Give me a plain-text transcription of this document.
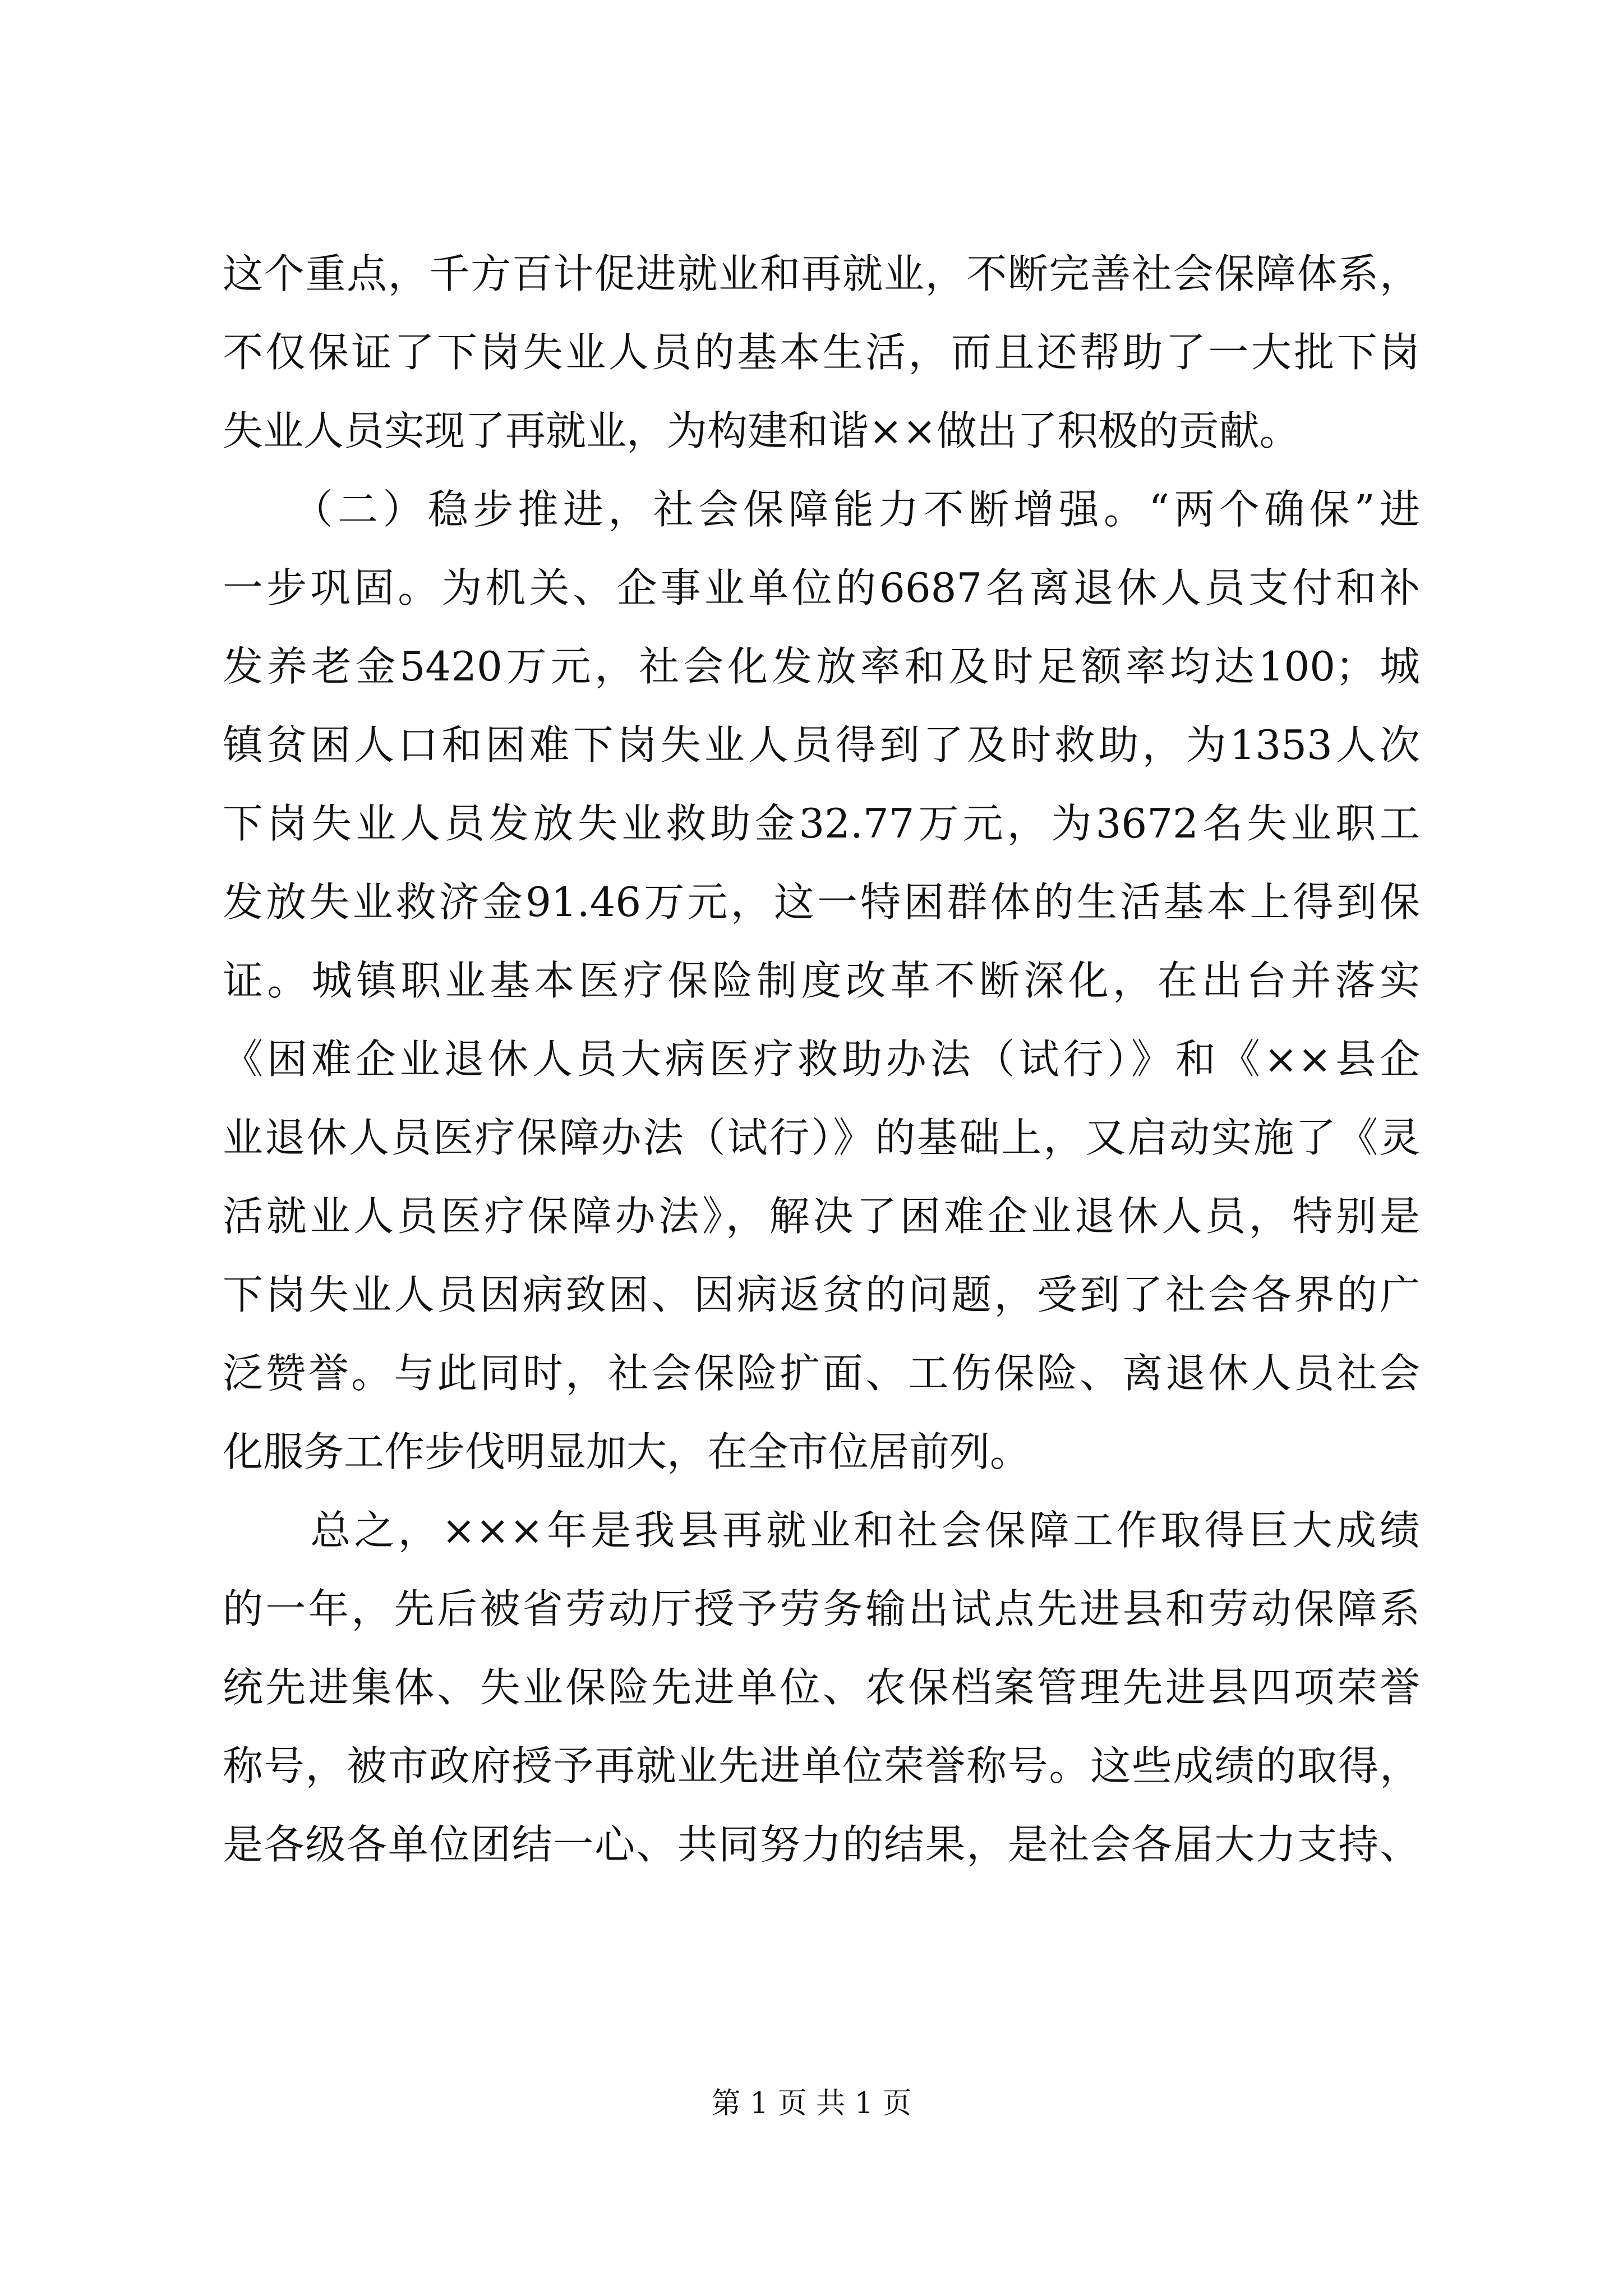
这个重点，千方百计促进就业和再就业，不断完善社会保障体系，
不仅保证了下岗失业人员的基本生活，而且还帮助了一大批下岗
失业人员实现了再就业，为构建和谐××做出了积极的贡献。
　　（二）稳步推进，社会保障能力不断增强。“两个确保”进
一步巩固。为机关、企事业单位的6687名离退休人员支付和补
发养老金5420万元，社会化发放率和及时足额率均达100；城
镇贫困人口和困难下岗失业人员得到了及时救助，为1353人次
下岗失业人员发放失业救助金32.77万元，为3672名失业职工
发放失业救济金91.46万元，这一特困群体的生活基本上得到保
证。城镇职业基本医疗保险制度改革不断深化，在出台并落实
《困难企业退休人员大病医疗救助办法（试行）》和《××县企
业退休人员医疗保障办法（试行）》的基础上，又启动实施了《灵
活就业人员医疗保障办法》，解决了困难企业退休人员，特别是
下岗失业人员因病致困、因病返贫的问题，受到了社会各界的广
泛赞誉。与此同时，社会保险扩面、工伤保险、离退休人员社会
化服务工作步伐明显加大，在全市位居前列。
　　总之，×××年是我县再就业和社会保障工作取得巨大成绩
的一年，先后被省劳动厅授予劳务输出试点先进县和劳动保障系
统先进集体、失业保险先进单位、农保档案管理先进县四项荣誉
称号，被市政府授予再就业先进单位荣誉称号。这些成绩的取得，
是各级各单位团结一心、共同努力的结果，是社会各届大力支持、
第 1 页 共 1 页
